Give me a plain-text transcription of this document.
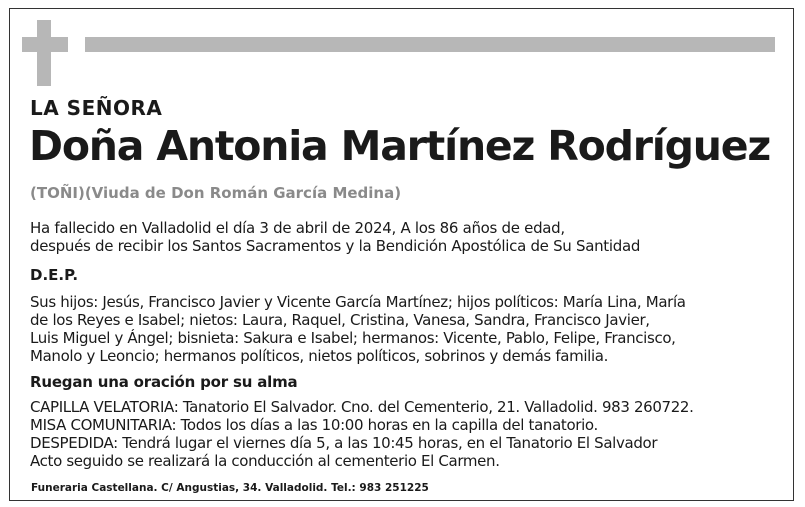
LA SEÑORA
Doña Antonia Martínez Rodríguez
(TOÑI)(Viuda de Don Román García Medina)
Ha fallecido en Valladolid el día 3 de abril de 2024, A los 86 años de edad,
después de recibir los Santos Sacramentos y la Bendición Apostólica de Su Santidad
D.E.P.
Sus hijos: Jesús, Francisco Javier y Vicente García Martínez; hijos políticos: María Lina, María
de los Reyes e Isabel; nietos: Laura, Raquel, Cristina, Vanesa, Sandra, Francisco Javier,
Luis Miguel y Ángel; bisnieta: Sakura e Isabel; hermanos: Vicente, Pablo, Felipe, Francisco,
Manolo y Leoncio; hermanos políticos, nietos políticos, sobrinos y demás familia.
Ruegan una oración por su alma
CAPILLA VELATORIA: Tanatorio El Salvador. Cno. del Cementerio, 21. Valladolid. 983 260722.
MISA COMUNITARIA: Todos los días a las 10:00 horas en la capilla del tanatorio.
DESPEDIDA: Tendrá lugar el viernes día 5, a las 10:45 horas, en el Tanatorio El Salvador
Acto seguido se realizará la conducción al cementerio El Carmen.
Funeraria Castellana. C/ Angustias, 34. Valladolid. Tel.: 983 251225
